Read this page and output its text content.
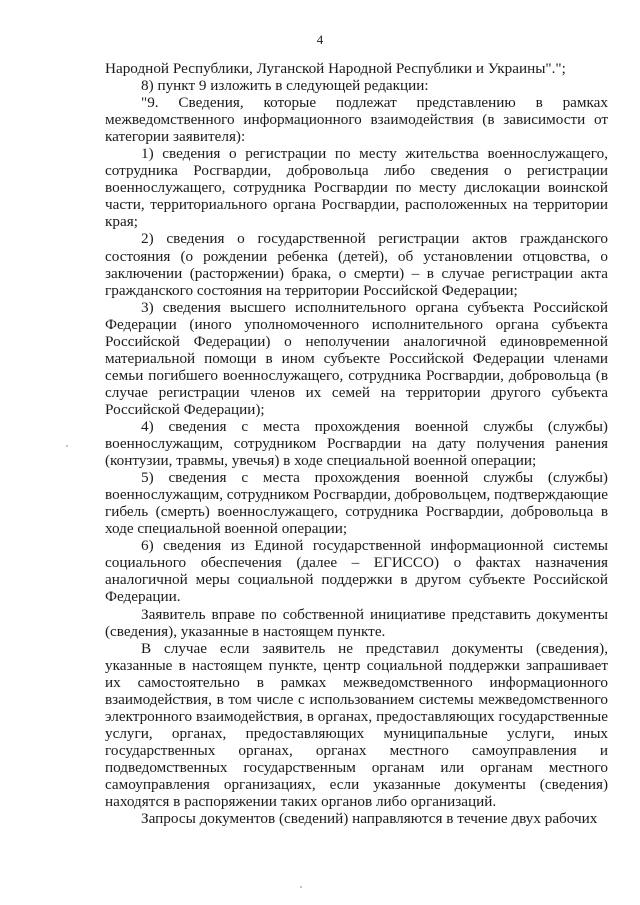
4

Народной Республики, Луганской Народной Республики и Украины".";

8) пункт 9 изложить в следующей редакции:

"9. Сведения, которые подлежат представлению в рамках межведомственного информационного взаимодействия (в зависимости от категории заявителя):

1) сведения о регистрации по месту жительства военнослужащего, сотрудника Росгвардии, добровольца либо сведения о регистрации военнослужащего, сотрудника Росгвардии по месту дислокации воинской части, территориального органа Росгвардии, расположенных на территории края;

2) сведения о государственной регистрации актов гражданского состояния (о рождении ребенка (детей), об установлении отцовства, о заключении (расторжении) брака, о смерти) – в случае регистрации акта гражданского состояния на территории Российской Федерации;

3) сведения высшего исполнительного органа субъекта Российской Федерации (иного уполномоченного исполнительного органа субъекта Российской Федерации) о неполучении аналогичной единовременной материальной помощи в ином субъекте Российской Федерации членами семьи погибшего военнослужащего, сотрудника Росгвардии, добровольца (в случае регистрации членов их семей на территории другого субъекта Российской Федерации);

4) сведения с места прохождения военной службы (службы) военнослужащим, сотрудником Росгвардии на дату получения ранения (контузии, травмы, увечья) в ходе специальной военной операции;

5) сведения с места прохождения военной службы (службы) военнослужащим, сотрудником Росгвардии, добровольцем, подтверждающие гибель (смерть) военнослужащего, сотрудника Росгвардии, добровольца в ходе специальной военной операции;

6) сведения из Единой государственной информационной системы социального обеспечения (далее – ЕГИССО) о фактах назначения аналогичной меры социальной поддержки в другом субъекте Российской Федерации.

Заявитель вправе по собственной инициативе представить документы (сведения), указанные в настоящем пункте.

В случае если заявитель не представил документы (сведения), указанные в настоящем пункте, центр социальной поддержки запрашивает их самостоятельно в рамках межведомственного информационного взаимодействия, в том числе с использованием системы межведомственного электронного взаимодействия, в органах, предоставляющих государственные услуги, органах, предоставляющих муниципальные услуги, иных государственных органах, органах местного самоуправления и подведомственных государственным органам или органам местного самоуправления организациях, если указанные документы (сведения) находятся в распоряжении таких органов либо организаций.

Запросы документов (сведений) направляются в течение двух рабочих
